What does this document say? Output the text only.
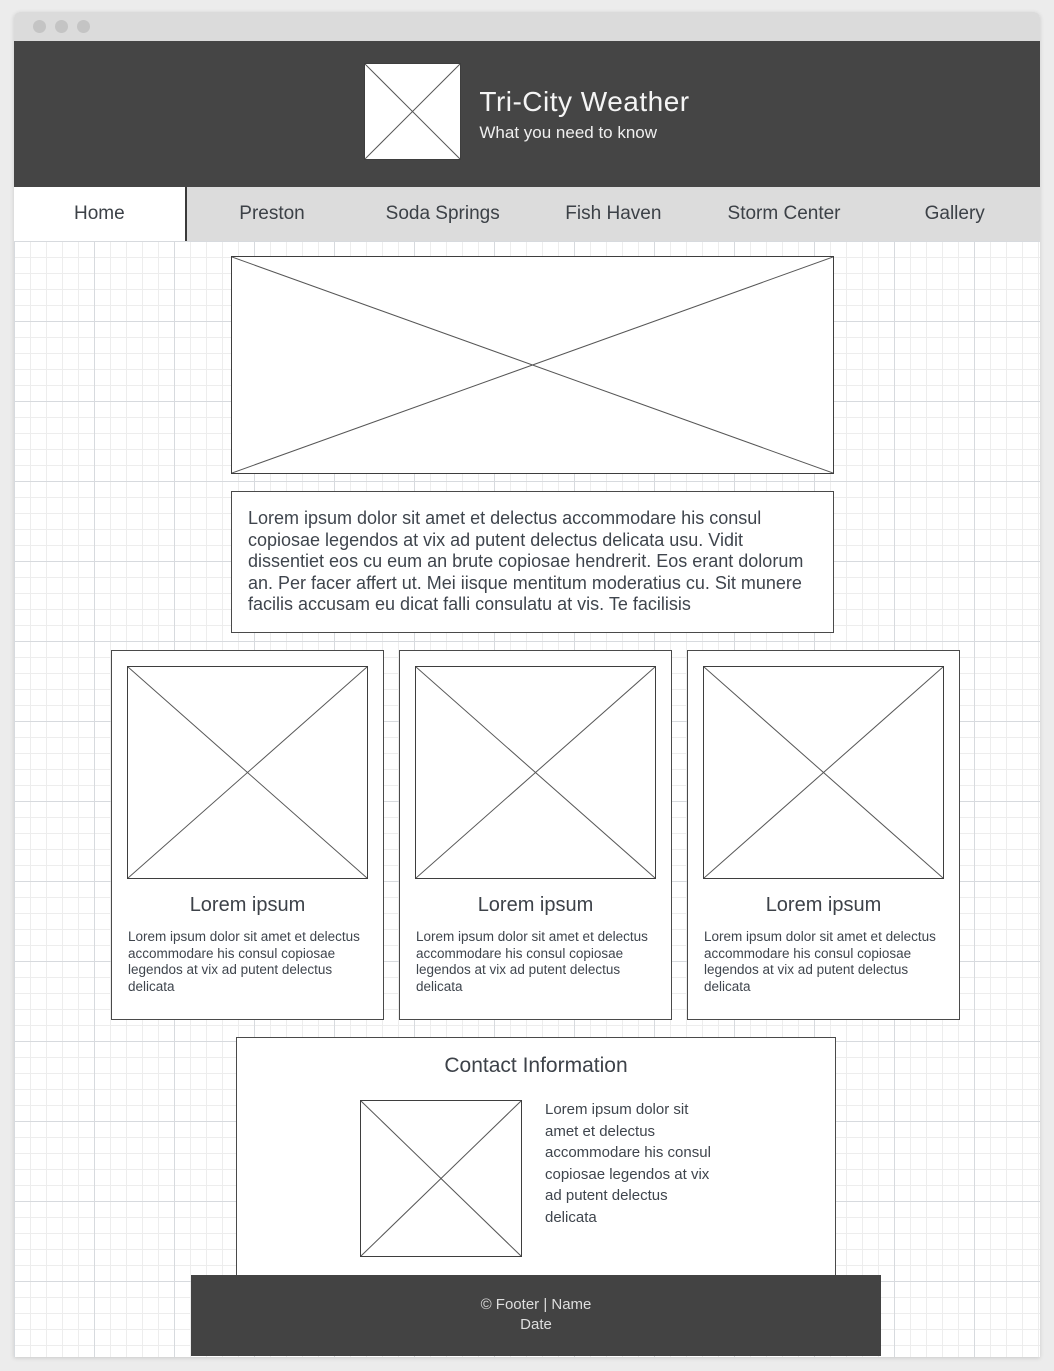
Tri-City Weather

What you need to know

Home	Preston	Soda Springs	Fish Haven	Storm Center	Gallery
Lorem ipsum dolor sit amet et delectus accommodare his consul copiosae legendos at vix ad putent delectus delicata usu. Vidit dissentiet eos cu eum an brute copiosae hendrerit. Eos erant dolorum an. Per facer affert ut. Mei iisque mentitum moderatius cu. Sit munere facilis accusam eu dicat falli consulatu at vis. Te facilisis
Lorem ipsum

Lorem ipsum dolor sit amet et delectus accommodare his consul copiosae legendos at vix ad putent delectus delicata

Lorem ipsum

Lorem ipsum dolor sit amet et delectus accommodare his consul copiosae legendos at vix ad putent delectus delicata

Lorem ipsum

Lorem ipsum dolor sit amet et delectus accommodare his consul copiosae legendos at vix ad putent delectus delicata

Contact Information

Lorem ipsum dolor sit amet et delectus accommodare his consul copiosae legendos at vix ad putent delectus delicata

© Footer | Name
Date
